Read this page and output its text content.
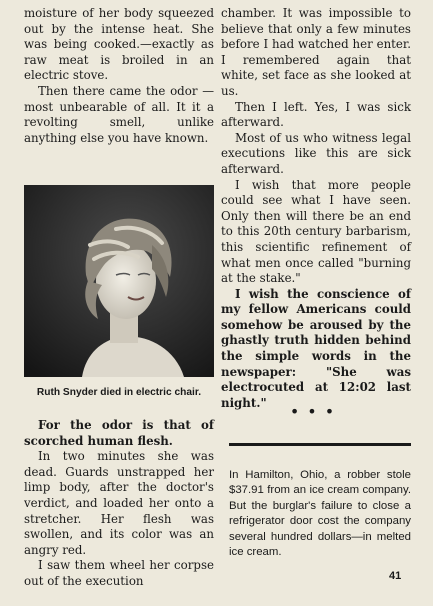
moisture of her body squeezed out by the intense heat. She was being cooked.—exactly as raw meat is broiled in an electric stove.

Then there came the odor —most unbearable of all. It it a revolting smell, unlike anything else you have known.

Ruth Snyder died in electric chair.

For the odor is that of scorched human flesh.

In two minutes she was dead. Guards unstrapped her limp body, after the doctor's verdict, and loaded her onto a stretcher. Her flesh was swollen, and its color was an angry red.

I saw them wheel her corpse out of the execution

chamber. It was impossible to believe that only a few minutes before I had watched her enter. I remembered again that white, set face as she looked at us.

Then I left. Yes, I was sick afterward.

Most of us who witness legal executions like this are sick afterward.

I wish that more people could see what I have seen. Only then will there be an end to this 20th century barbarism, this scientific refinement of what men once called "burning at the stake."

I wish the conscience of my fellow Americans could somehow be aroused by the ghastly truth hidden behind the simple words in the newspaper: "She was electrocuted at 12:02 last night."	•••

In Hamilton, Ohio, a robber stole $37.91 from an ice cream company. But the burglar's failure to close a refrigerator door cost the company several hundred dollars—in melted ice cream.

41
